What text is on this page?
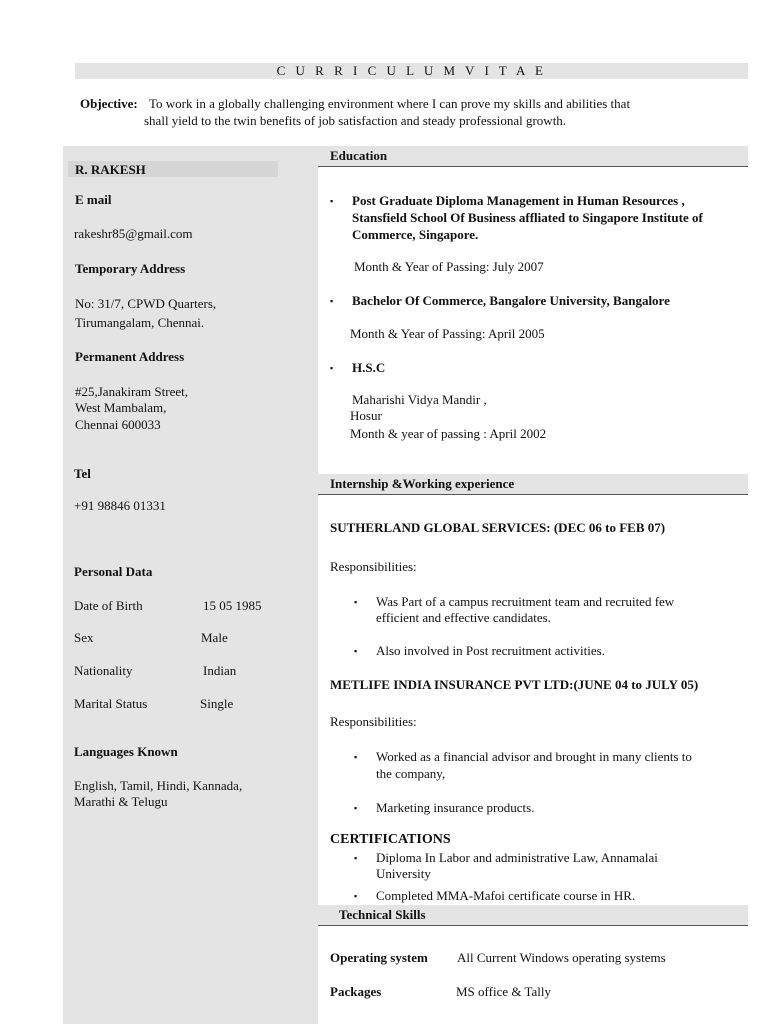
C U R R I C U L U M V I T A E
Objective: To work in a globally challenging environment where I can prove my skills and abilities that
shall yield to the twin benefits of job satisfaction and steady professional growth.
R. RAKESH
E mail
rakeshr85@gmail.com
Temporary Address
No: 31/7, CPWD Quarters,
Tirumangalam, Chennai.
Permanent Address
#25,Janakiram Street,
West Mambalam,
Chennai 600033
Tel
+91 98846 01331
Personal Data
Date of Birth	15 05 1985
Sex	Male
Nationality	Indian
Marital Status	Single
Languages Known
English, Tamil, Hindi, Kannada,
Marathi & Telugu
Education
▪ Post Graduate Diploma Management in Human Resources ,
Stansfield School Of Business affliated to Singapore Institute of
Commerce, Singapore.
Month & Year of Passing: July 2007
▪ Bachelor Of Commerce, Bangalore University, Bangalore
Month & Year of Passing: April 2005
▪ H.S.C
Maharishi Vidya Mandir ,
Hosur
Month & year of passing : April 2002
Internship &Working experience
SUTHERLAND GLOBAL SERVICES: (DEC 06 to FEB 07)
Responsibilities:
▪ Was Part of a campus recruitment team and recruited few
efficient and effective candidates.
▪ Also involved in Post recruitment activities.
METLIFE INDIA INSURANCE PVT LTD:(JUNE 04 to JULY 05)
Responsibilities:
▪ Worked as a financial advisor and brought in many clients to
the company,
▪ Marketing insurance products.
CERTIFICATIONS
▪ Diploma In Labor and administrative Law, Annamalai
University
▪ Completed MMA-Mafoi certificate course in HR.
Technical Skills
Operating system All Current Windows operating systems
Packages	MS office & Tally
